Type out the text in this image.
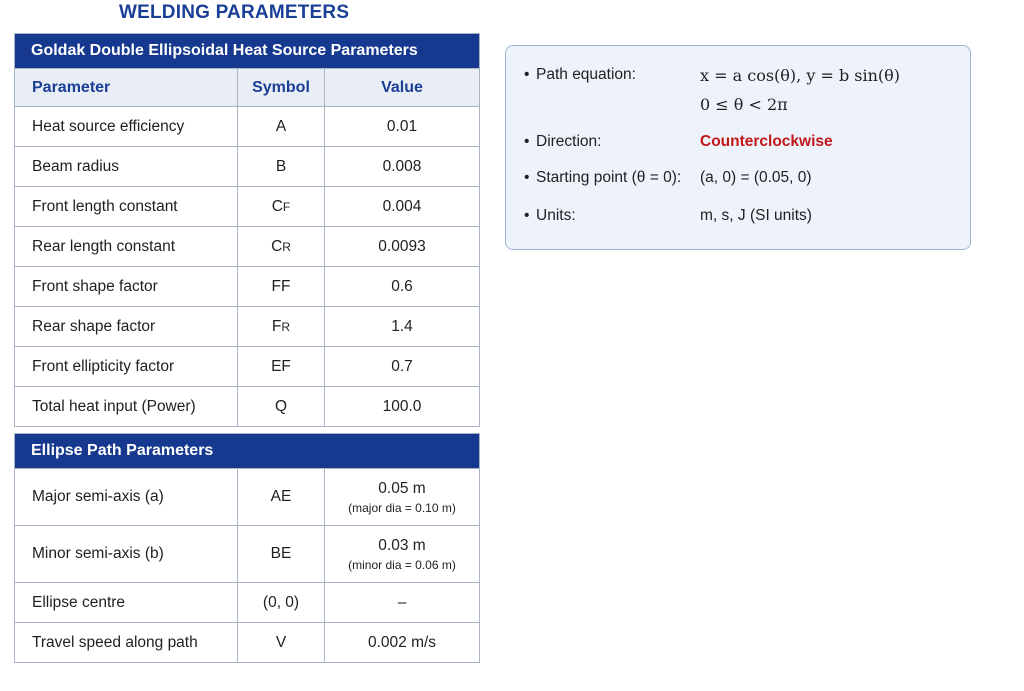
WELDING PARAMETERS
Goldak Double Ellipsoidal Heat Source Parameters		
Parameter	Symbol	Value
Heat source efficiency	A	0.01
Beam radius	B	0.008
Front length constant	CF	0.004
Rear length constant	CR	0.0093
Front shape factor	FF	0.6
Rear shape factor	FR	1.4
Front ellipticity factor	EF	0.7
Total heat input (Power)	Q	100.0
Ellipse Path Parameters		
Major semi-axis (a)	AE	0.05 m
(major dia = 0.10 m)

Minor semi-axis (b)	BE	0.03 m
(minor dia = 0.06 m)

Ellipse centre	(0, 0)	–
Travel speed along path	V	0.002 m/s
• Path equation:	x = a cos(θ), y = b sin(θ)
0 ≤ θ < 2π
• Direction:	Counterclockwise
• Starting point (θ = 0): (a, 0) = (0.05, 0)
• Units:	m, s, J (SI units)
